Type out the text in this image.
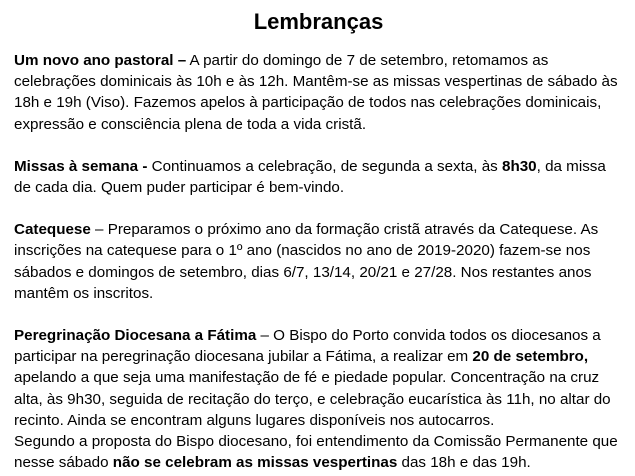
Lembranças

Um novo ano pastoral – A partir do domingo de 7 de setembro, retomamos as celebrações dominicais às 10h e às 12h. Mantêm-se as missas vespertinas de sábado às 18h e 19h (Viso). Fazemos apelos à participação de todos nas celebrações dominicais, expressão e consciência plena de toda a vida cristã.

Missas à semana - Continuamos a celebração, de segunda a sexta, às 8h30, da missa de cada dia. Quem puder participar é bem-vindo.

Catequese – Preparamos o próximo ano da formação cristã através da Catequese. As inscrições na catequese para o 1º ano (nascidos no ano de 2019-2020) fazem-se nos sábados e domingos de setembro, dias 6/7, 13/14, 20/21 e 27/28. Nos restantes anos mantêm os inscritos.

Peregrinação Diocesana a Fátima – O Bispo do Porto convida todos os diocesanos a participar na peregrinação diocesana jubilar a Fátima, a realizar em 20 de setembro, apelando a que seja uma manifestação de fé e piedade popular. Concentração na cruz alta, às 9h30, seguida de recitação do terço, e celebração eucarística às 11h, no altar do recinto. Ainda se encontram alguns lugares disponíveis nos autocarros.
Segundo a proposta do Bispo diocesano, foi entendimento da Comissão Permanente que nesse sábado não se celebram as missas vespertinas das 18h e das 19h.
